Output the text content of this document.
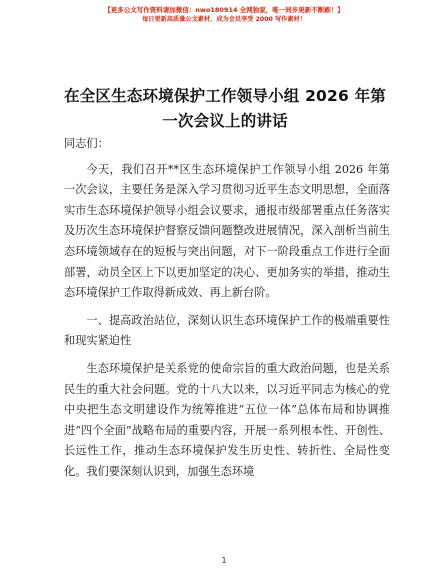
【更多公文写作资料请加微信：nwo180914 全网独家，唯一同步更新不断刷！】
每日更新高质量公文素材，成为会员享受 2000 写作素材！
在全区生态环境保护工作领导小组 2026 年第一次会议上的讲话

同志们：

今天，我们召开**区生态环境保护工作领导小组 2026 年第一次会议，主要任务是深入学习贯彻习近平生态文明思想，全面落实市生态环境保护领导小组会议要求，通报市级部署重点任务落实及历次生态环境保护督察反馈问题整改进展情况，深入剖析当前生态环境领域存在的短板与突出问题，对下一阶段重点工作进行全面部署，动员全区上下以更加坚定的决心、更加务实的举措，推动生态环境保护工作取得新成效、再上新台阶。

一、提高政治站位，深刻认识生态环境保护工作的极端重要性和现实紧迫性

生态环境保护是关系党的使命宗旨的重大政治问题，也是关系民生的重大社会问题。党的十八大以来，以习近平同志为核心的党中央把生态文明建设作为统筹推进“五位一体”总体布局和协调推进“四个全面”战略布局的重要内容，开展一系列根本性、开创性、长远性工作，推动生态环境保护发生历史性、转折性、全局性变化。我们要深刻认识到，加强生态环境

1
